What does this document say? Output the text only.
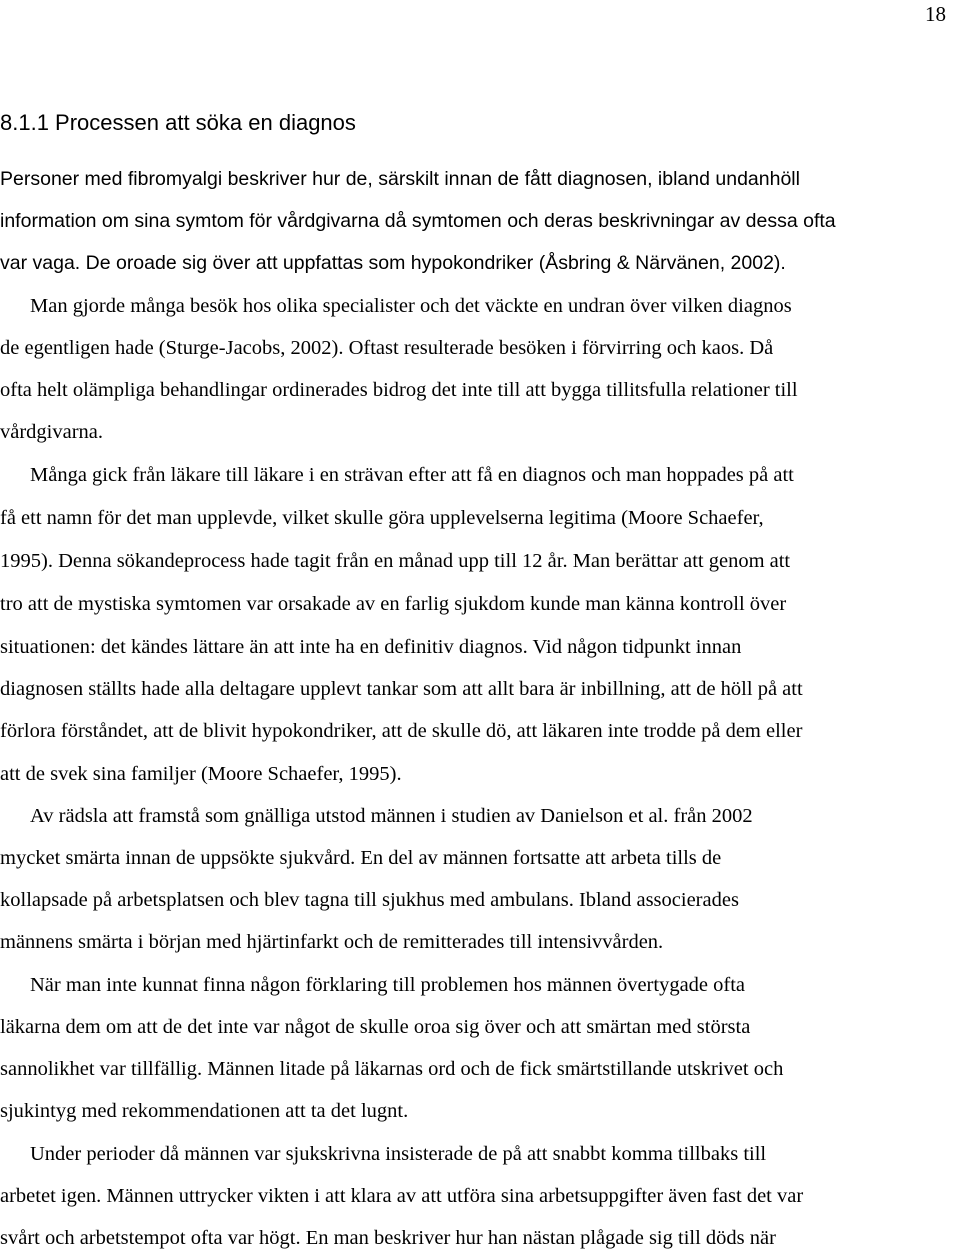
18
8.1.1 Processen att söka en diagnos
Personer med fibromyalgi beskriver hur de, särskilt innan de fått diagnosen, ibland undanhöll
information om sina symtom för vårdgivarna då symtomen och deras beskrivningar av dessa ofta
var vaga. De oroade sig över att uppfattas som hypokondriker (Åsbring & Närvänen, 2002).
Man gjorde många besök hos olika specialister och det väckte en undran över vilken diagnos
de egentligen hade (Sturge-Jacobs, 2002). Oftast resulterade besöken i förvirring och kaos. Då
ofta helt olämpliga behandlingar ordinerades bidrog det inte till att bygga tillitsfulla relationer till
vårdgivarna.
Många gick från läkare till läkare i en strävan efter att få en diagnos och man hoppades på att
få ett namn för det man upplevde, vilket skulle göra upplevelserna legitima (Moore Schaefer,
1995). Denna sökandeprocess hade tagit från en månad upp till 12 år. Man berättar att genom att
tro att de mystiska symtomen var orsakade av en farlig sjukdom kunde man känna kontroll över
situationen: det kändes lättare än att inte ha en definitiv diagnos. Vid någon tidpunkt innan
diagnosen ställts hade alla deltagare upplevt tankar som att allt bara är inbillning, att de höll på att
förlora förståndet, att de blivit hypokondriker, att de skulle dö, att läkaren inte trodde på dem eller
att de svek sina familjer (Moore Schaefer, 1995).
Av rädsla att framstå som gnälliga utstod männen i studien av Danielson et al. från 2002
mycket smärta innan de uppsökte sjukvård. En del av männen fortsatte att arbeta tills de
kollapsade på arbetsplatsen och blev tagna till sjukhus med ambulans. Ibland associerades
männens smärta i början med hjärtinfarkt och de remitterades till intensivvården.
När man inte kunnat finna någon förklaring till problemen hos männen övertygade ofta
läkarna dem om att de det inte var något de skulle oroa sig över och att smärtan med största
sannolikhet var tillfällig. Männen litade på läkarnas ord och de fick smärtstillande utskrivet och
sjukintyg med rekommendationen att ta det lugnt.
Under perioder då männen var sjukskrivna insisterade de på att snabbt komma tillbaks till
arbetet igen. Männen uttrycker vikten i att klara av att utföra sina arbetsuppgifter även fast det var
svårt och arbetstempot ofta var högt. En man beskriver hur han nästan plågade sig till döds när
